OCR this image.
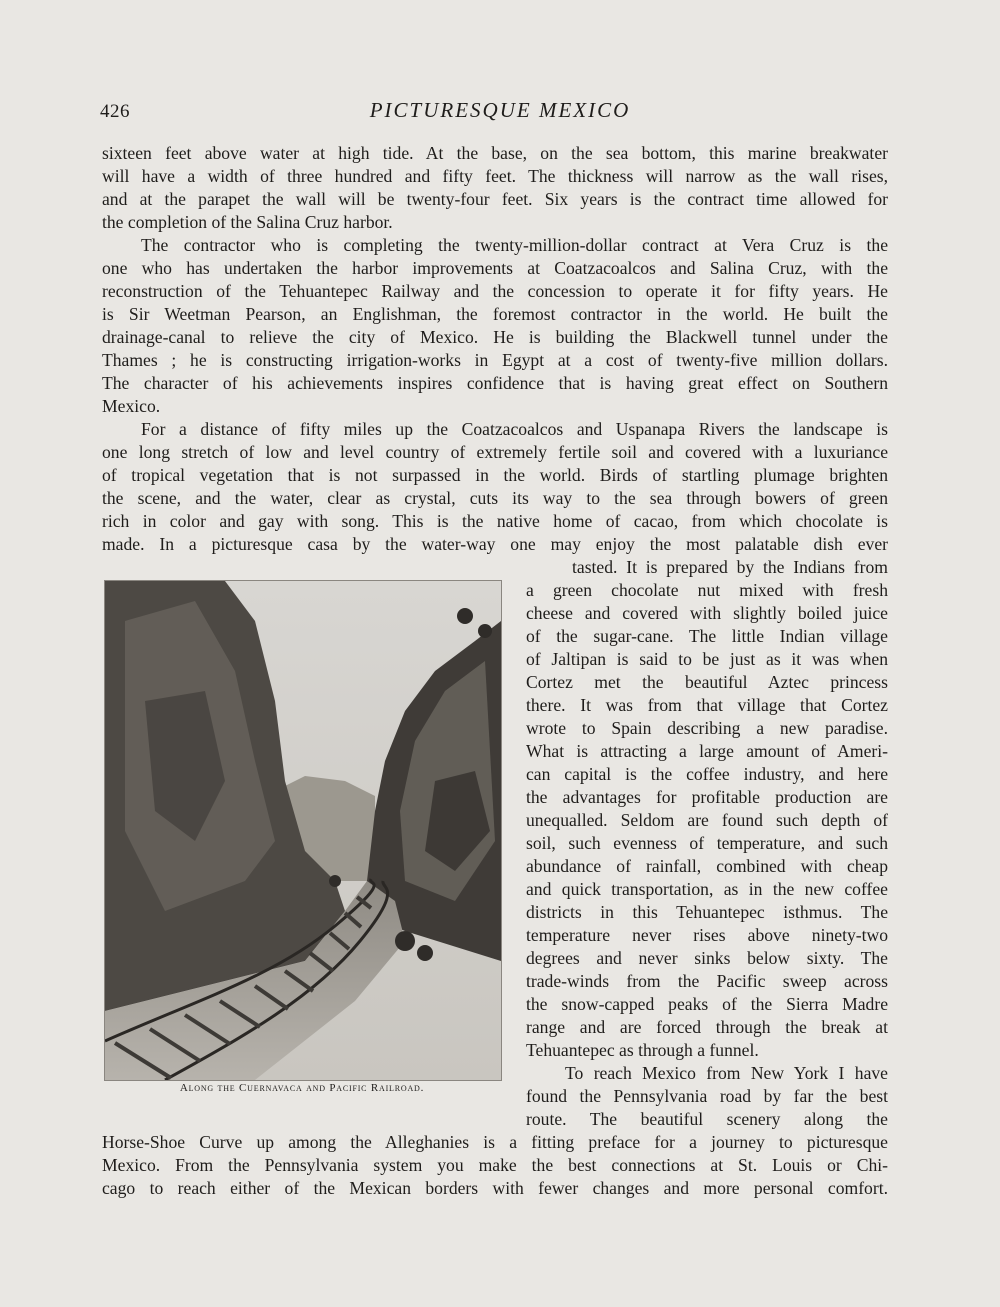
426	PICTURESQUE MEXICO
sixteen feet above water at high tide. At the base, on the sea bottom, this marine breakwater
will have a width of three hundred and fifty feet. The thickness will narrow as the wall rises,
and at the parapet the wall will be twenty-four feet. Six years is the contract time allowed for
the completion of the Salina Cruz harbor.
The contractor who is completing the twenty-million-dollar contract at Vera Cruz is the
one who has undertaken the harbor improvements at Coatzacoalcos and Salina Cruz, with the
reconstruction of the Tehuantepec Railway and the concession to operate it for fifty years. He
is Sir Weetman Pearson, an Englishman, the foremost contractor in the world. He built the
drainage-canal to relieve the city of Mexico. He is building the Blackwell tunnel under the
Thames ; he is constructing irrigation-works in Egypt at a cost of twenty-five million dollars.
The character of his achievements inspires confidence that is having great effect on Southern
Mexico.
For a distance of fifty miles up the Coatzacoalcos and Uspanapa Rivers the landscape is
one long stretch of low and level country of extremely fertile soil and covered with a luxuriance
of tropical vegetation that is not surpassed in the world. Birds of startling plumage brighten
the scene, and the water, clear as crystal, cuts its way to the sea through bowers of green
rich in color and gay with song. This is the native home of cacao, from which chocolate is
made. In a picturesque casa by the water-way one may enjoy the most palatable dish ever
tasted. It is prepared by the Indians from
a green chocolate nut mixed with fresh
cheese and covered with slightly boiled juice
of the sugar-cane. The little Indian village
of Jaltipan is said to be just as it was when
Cortez met the beautiful Aztec princess
there. It was from that village that Cortez
wrote to Spain describing a new paradise.
What is attracting a large amount of Ameri-
can capital is the coffee industry, and here
the advantages for profitable production are
unequalled. Seldom are found such depth of
soil, such evenness of temperature, and such
abundance of rainfall, combined with cheap
and quick transportation, as in the new coffee
districts in this Tehuantepec isthmus. The
temperature never rises above ninety-two
degrees and never sinks below sixty. The
trade-winds from the Pacific sweep across
the snow-capped peaks of the Sierra Madre
range and are forced through the break at
Tehuantepec as through a funnel.
To reach Mexico from New York I have
found the Pennsylvania road by far the best
route. The beautiful scenery along the
Horse-Shoe Curve up among the Alleghanies is a fitting preface for a journey to picturesque
Mexico. From the Pennsylvania system you make the best connections at St. Louis or Chi-
cago to reach either of the Mexican borders with fewer changes and more personal comfort.
Along the Cuernavaca and Pacific Railroad.
